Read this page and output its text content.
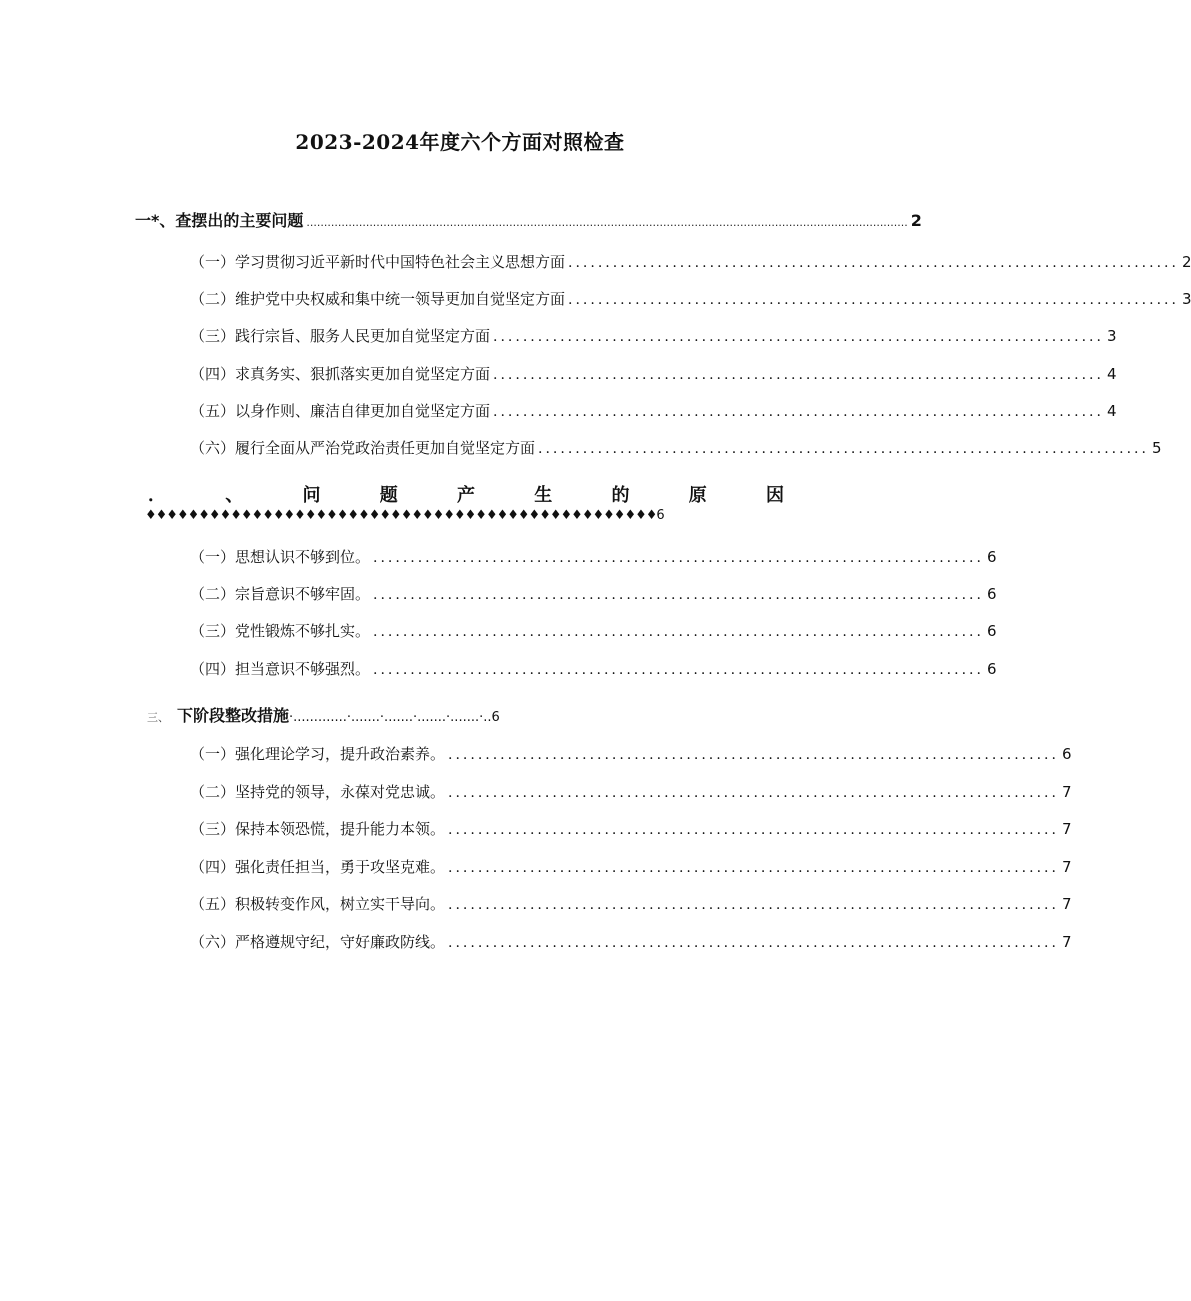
2023-2024年度六个方面对照检查
一*、查摆出的主要问题 ............................................................................................................................................................................ 2
（一）学习贯彻习近平新时代中国特色社会主义思想方面 .................................................................................. 2
（二）维护党中央权威和集中统一领导更加自觉坚定方面 .................................................................................. 3
（三）践行宗旨、服务人民更加自觉坚定方面 .................................................................................. 3
（四）求真务实、狠抓落实更加自觉坚定方面 .................................................................................. 4
（五）以身作则、廉洁自律更加自觉坚定方面 .................................................................................. 4
（六）履行全面从严治党政治责任更加自觉坚定方面 .................................................................................. 5
．	、	问	题	产	生	的	原	因
♦♦♦♦♦♦♦♦♦♦♦♦♦♦♦♦♦♦♦♦♦♦♦♦♦♦♦♦♦♦♦♦♦♦♦♦♦♦♦♦♦♦♦♦♦♦♦♦6
（一）思想认识不够到位。 .................................................................................. 6
（二）宗旨意识不够牢固。 .................................................................................. 6
（三）党性锻炼不够扎实。 .................................................................................. 6
（四）担当意识不够强烈。 .................................................................................. 6
三、 下阶段整改措施·.............·.......·.......·.......·.......·..6
（一）强化理论学习，提升政治素养。 .................................................................................. 6
（二）坚持党的领导，永葆对党忠诚。 .................................................................................. 7
（三）保持本领恐慌，提升能力本领。 .................................................................................. 7
（四）强化责任担当，勇于攻坚克难。 .................................................................................. 7
（五）积极转变作风，树立实干导向。 .................................................................................. 7
（六）严格遵规守纪，守好廉政防线。 .................................................................................. 7
